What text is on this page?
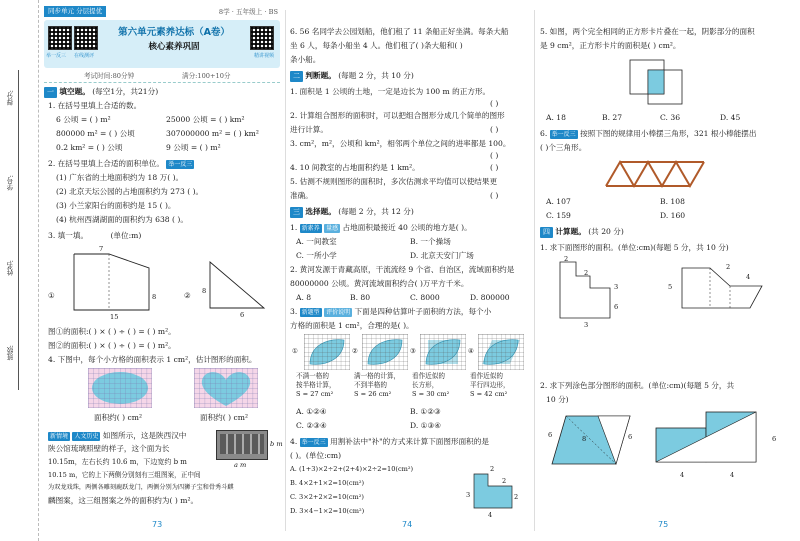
得分:
学号:
姓名:
班级:
同步单元 分层提优	8学 · 五年级上 · BS
举一反三 在线测评	精讲视频
第六单元素养达标（A卷）
核心素养巩固
考试时间:80分钟	满分:100+10分
一 填空题。 (每空1分，共21分)
1. 在括号里填上合适的数。
6 公顷 = ( ) m²	25000 公顷 = ( ) km²
800000 m² = ( ) 公顷	307000000 m² = ( ) km²
0.2 km² = ( ) 公顷	9 公顷 = ( ) m²
2. 在括号里填上合适的面积单位。 举一反三
(1) 广东省的土地面积约为 18 万( )。
(2) 北京天坛公园的占地面积约为 273 ( )。
(3) 小兰家阳台的面积约是 15 ( )。
(4) 杭州西湖湖面的面积约为 638 ( )。
3. 填一填。	(单位:m)
7
8
15
①	8
6
②
图①的面积:( ) × ( ) ÷ ( ) = ( ) m²。
图②的面积:( ) × ( ) ÷ ( ) = ( ) m²。
4. 下图中，每个小方格的面积表示 1 cm²，估计图形的面积。
面积约( ) cm²	面积约( ) cm²
新情境 人文历史 如图所示，这是陕西汉中
陕公馆琉璃照壁的样子，这个面为长
10.15m，左右长约 10.6 m，下边宽约 b m
10.15 m，它的上下两侧分别刻有三组图案，正中间
为双龙戏珠，两侧各雕刻鹿跃龙门，两侧分别为四狮子宝和骨秀斗麒
麟图案，这三组图案之外的面积约为( ) m²。
b m
a m
73
6. 56 名同学去公园划船，他们租了 11 条船正好坐满。每条大船
坐 6 人，每条小船坐 4 人。他们租了( )条大船和( )
条小船。
二 判断题。 (每题 2 分，共 10 分)
1. 面积是 1 公顷的土地，一定是边长为 100 m 的正方形。
( )
2. 计算组合图形的面积时，可以把组合图形分成几个简单的图形
进行计算。	( )
3. cm²，m²，公顷和 km²，相邻两个单位之间的进率都是 100。
( )
4. 10 间教室的占地面积约是 1 km²。	( )
5. 估测不规则图形的面积时，多次估测求平均值可以使结果更
准确。	( )
三 选择题。 (每题 2 分，共 12 分)
1. 新素养 量感 占地面积最接近 40 公顷的地方是( )。
A. 一间教室	B. 一个操场
C. 一所小学	D. 北京天安门广场
2. 黄河发源于青藏高原，干流流经 9 个省、自治区，流域面积约是
80000000 公顷。黄河流域面积约合( )万平方千米。
A. 8	B. 80	C. 8000	D. 800000
3. 新题型 评价说明 下面是四种估算叶子面积的方法，每个小
方格的面积是 1 cm²，合理的是( )。
不满一格的
按半格计算，
S = 27 cm²
满一格的计算，
不到半格的
S = 26 cm²
看作近似的
长方形，
S = 30 cm²
看作近似的
平行四边形，
S = 42 cm²
①	②	③	④
A. ①②④	B. ①②③
C. ②③④	D. ①③④
4. 举一反三 用割补法中"补"的方式来计算下面图形面积的是
( )。(单位:cm)
A. (1+3)×2÷2+(2+4)×2÷2=10(cm²)
B. 4×2+1×2=10(cm²)
C. 3×2+2×2=10(cm²)
D. 3×4−1×2=10(cm²)
2
3
2
2
4
74
5. 如图，两个完全相同的正方形卡片叠在一起，阴影部分的面积
是 9 cm²，正方形卡片的面积是( ) cm²。
A. 18	B. 27	C. 36	D. 45
6. 举一反三 按照下图的规律用小棒摆三角形，321 根小棒能摆出
( )个三角形。
A. 107	B. 108
C. 159	D. 160
四 计算题。 (共 20 分)
1. 求下面图形的面积。(单位:cm)(每题 5 分，共 10 分)
2
2
3
6
3
2
4
5
2. 求下列涂色部分图形的面积。(单位:cm)(每题 5 分，共
10 分)
6	8	6
4	4
6
75
